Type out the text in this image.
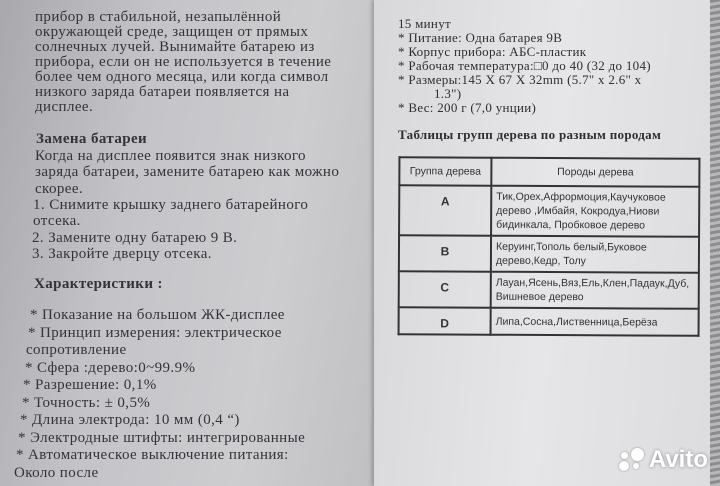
прибор в стабильной, незапылённой
окружающей среде, защищен от прямых
солнечных лучей. Вынимайте батарею из
прибора, если он не используется в течение
более чем одного месяца, или когда символ
низкого заряда батареи появляется на
дисплее.
Когда на дисплее появится знак низкого
заряда батареи, замените батарею как можно
скорее.
1. Снимите крышку заднего батарейного
отсека.
2. Замените одну батарею 9 В.
3. Закройте дверцу отсека.
* Показание на большом ЖК-дисплее
* Принцип измерения: электрическое
сопротивление
* Сфера :дерево:0~99.9%
* Разрешение: 0,1%
* Точность: ± 0,5%
* Длина электрода: 10 мм (0,4 “)
* Электродные штифты: интегрированные
* Автоматическое выключение питания:
Около после
15 минут
* Питание: Одна батарея 9В
* Корпус прибора: АБС-пластик
* Рабочая температура:□0 до 40 (32 до 104)
* Размеры:145 X 67 X 32mm (5.7" x 2.6" x
1.3")
* Вес: 200 г (7,0 унции)
Замена батареи
Характеристики :
Таблицы групп дерева по разным породам
Группа дерева	Породы дерева
A	Тик,Орех,Афрормоция,Каучуковое дерево ,Имбайя, Кокродуа,Ниови бидинкала, Пробковое дерево
B	Керуинг,Тополь белый,Буковое дерево,Кедр, Толу
C	Лауан,Ясень,Вяз,Ель,Клен,Падаук,Дуб, Вишневое дерево
D	Липа,Сосна,Лиственница,Берёза
Avito
